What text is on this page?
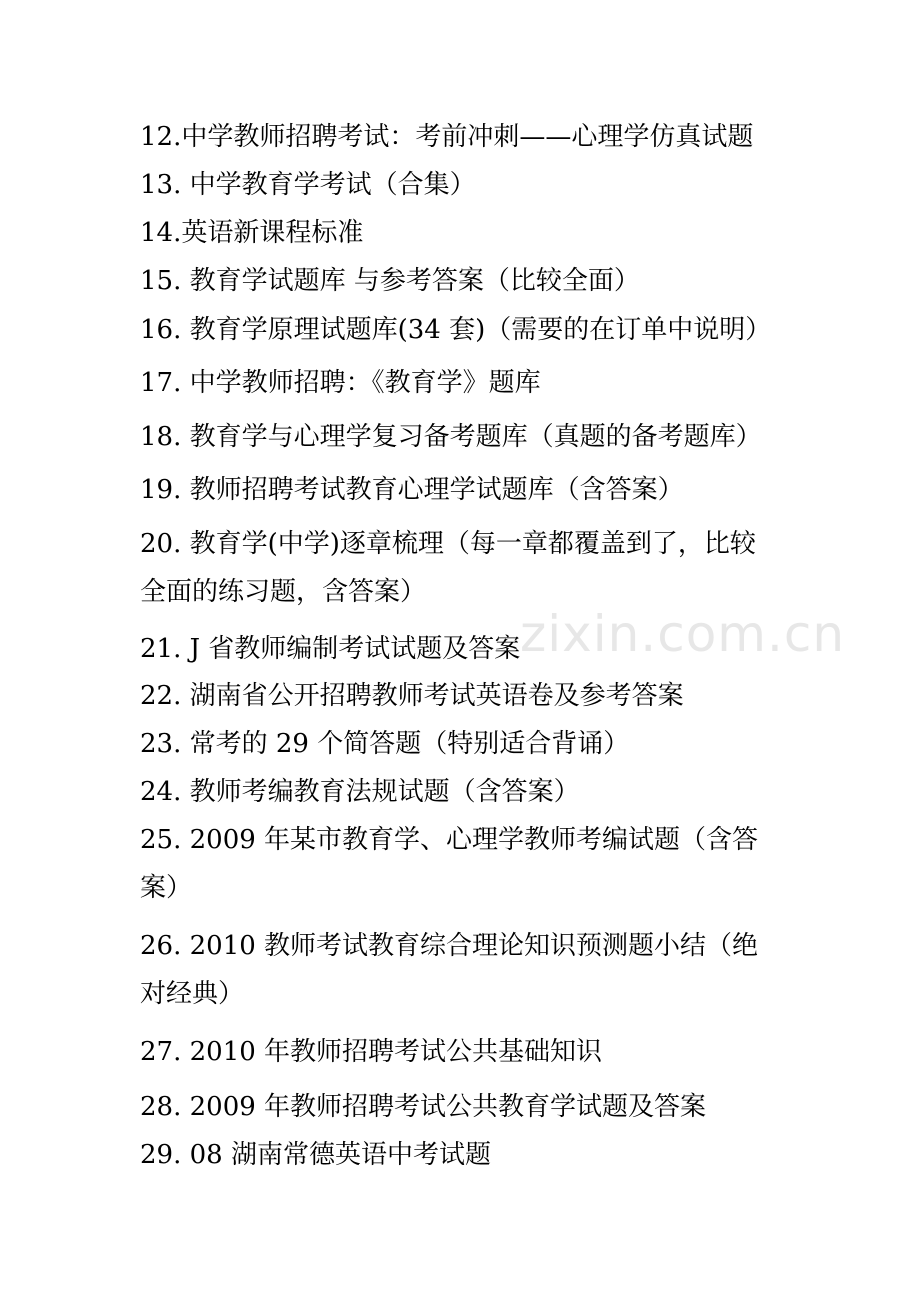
zixin.com.cn
12.中学教师招聘考试：考前冲刺——心理学仿真试题
13. 中学教育学考试（合集）
14.英语新课程标准
15. 教育学试题库 与参考答案（比较全面）
16. 教育学原理试题库(34 套)（需要的在订单中说明）
17. 中学教师招聘：《教育学》题库
18. 教育学与心理学复习备考题库（真题的备考题库）
19. 教师招聘考试教育心理学试题库（含答案）
20. 教育学(中学)逐章梳理（每一章都覆盖到了，比较
全面的练习题，含答案）
21. J 省教师编制考试试题及答案
22. 湖南省公开招聘教师考试英语卷及参考答案
23. 常考的 29 个简答题（特别适合背诵）
24. 教师考编教育法规试题（含答案）
25. 2009 年某市教育学、心理学教师考编试题（含答
案）
26. 2010 教师考试教育综合理论知识预测题小结（绝
对经典）
27. 2010 年教师招聘考试公共基础知识
28. 2009 年教师招聘考试公共教育学试题及答案
29. 08 湖南常德英语中考试题
